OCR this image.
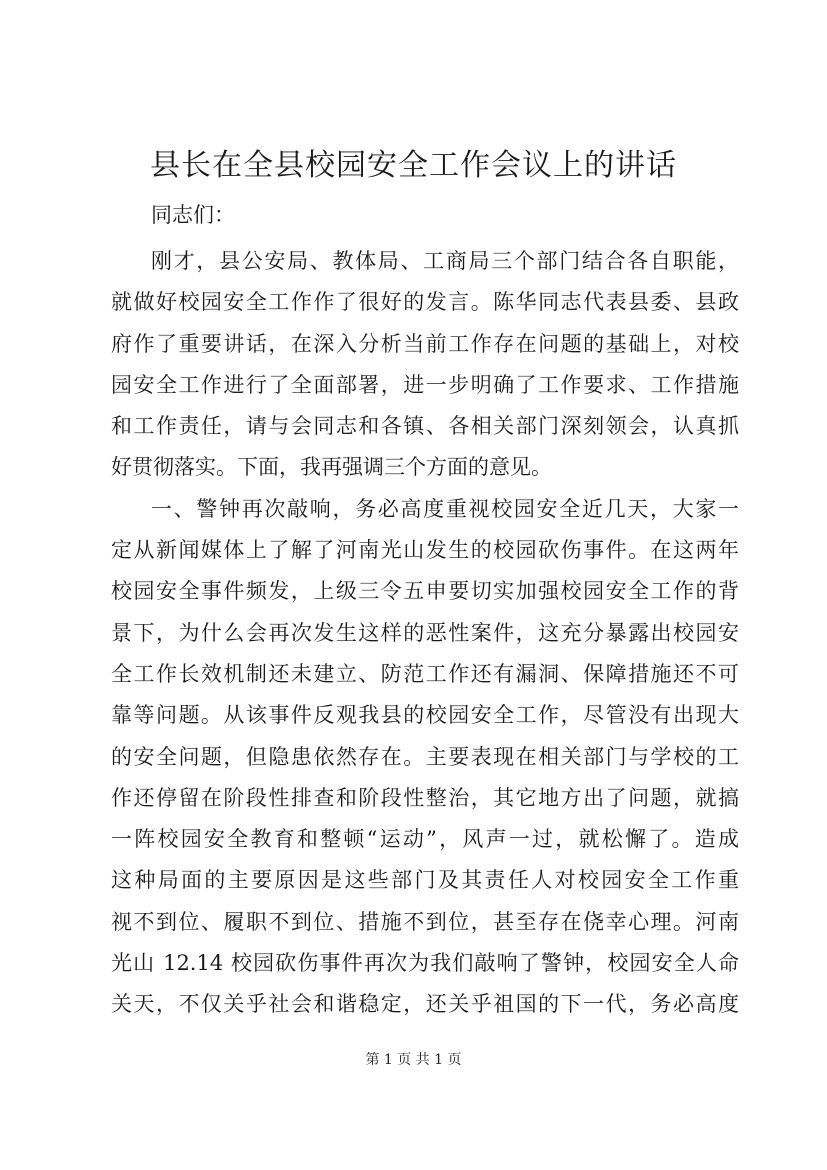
县长在全县校园安全工作会议上的讲话
同志们：
刚才，县公安局、教体局、工商局三个部门结合各自职能，
就做好校园安全工作作了很好的发言。陈华同志代表县委、县政
府作了重要讲话，在深入分析当前工作存在问题的基础上，对校
园安全工作进行了全面部署，进一步明确了工作要求、工作措施
和工作责任，请与会同志和各镇、各相关部门深刻领会，认真抓
好贯彻落实。下面，我再强调三个方面的意见。
一、警钟再次敲响，务必高度重视校园安全近几天，大家一
定从新闻媒体上了解了河南光山发生的校园砍伤事件。在这两年
校园安全事件频发，上级三令五申要切实加强校园安全工作的背
景下，为什么会再次发生这样的恶性案件，这充分暴露出校园安
全工作长效机制还未建立、防范工作还有漏洞、保障措施还不可
靠等问题。从该事件反观我县的校园安全工作，尽管没有出现大
的安全问题，但隐患依然存在。主要表现在相关部门与学校的工
作还停留在阶段性排查和阶段性整治，其它地方出了问题，就搞
一阵校园安全教育和整顿“运动”，风声一过，就松懈了。造成
这种局面的主要原因是这些部门及其责任人对校园安全工作重
视不到位、履职不到位、措施不到位，甚至存在侥幸心理。河南
光山 12.14 校园砍伤事件再次为我们敲响了警钟，校园安全人命
关天，不仅关乎社会和谐稳定，还关乎祖国的下一代，务必高度
第 1 页 共 1 页
